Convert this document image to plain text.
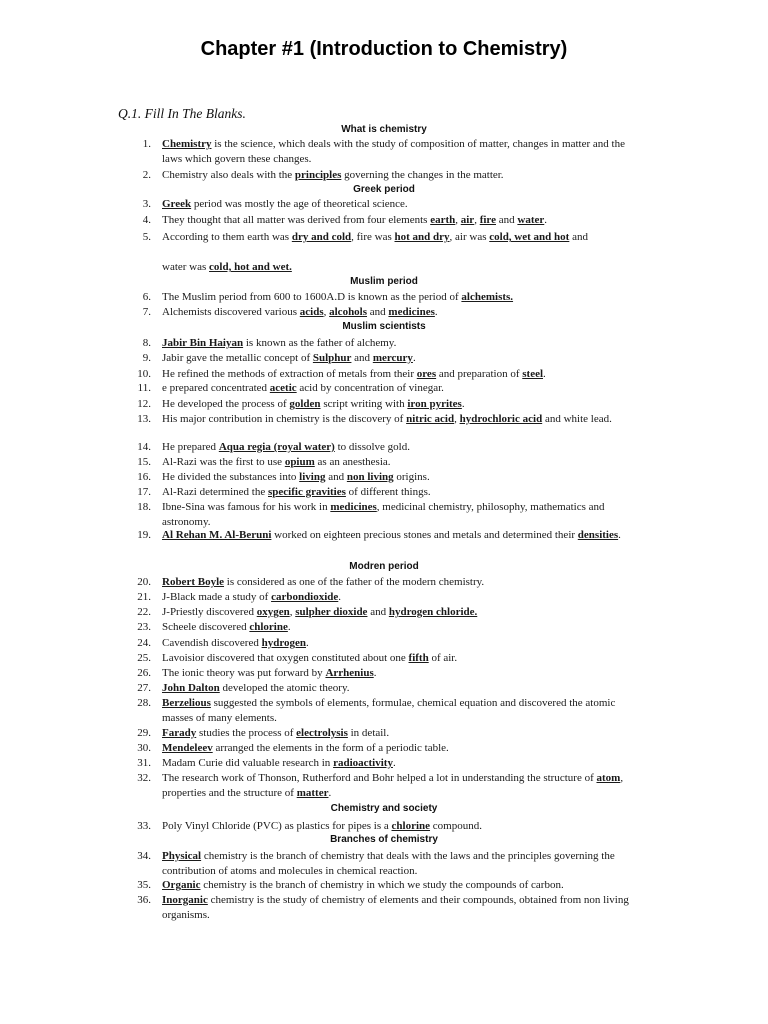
Chapter #1 (Introduction to Chemistry)
Q.1. Fill In The Blanks.
What is chemistry
1. Chemistry is the science, which deals with the study of composition of matter, changes in matter and the laws which govern these changes.
2. Chemistry also deals with the principles governing the changes in the matter.
Greek period
3. Greek period was mostly the age of theoretical science.
4. They thought that all matter was derived from four elements earth, air, fire and water.
5. According to them earth was dry and cold, fire was hot and dry, air was cold, wet and hot and
water was cold, hot and wet.
Muslim period
6. The Muslim period from 600 to 1600A.D is known as the period of alchemists.
7. Alchemists discovered various acids, alcohols and medicines.
Muslim scientists
8. Jabir Bin Haiyan is known as the father of alchemy.
9. Jabir gave the metallic concept of Sulphur and mercury.
10. He refined the methods of extraction of metals from their ores and preparation of steel.
11. e prepared concentrated acetic acid by concentration of vinegar.
12. He developed the process of golden script writing with iron pyrites.
13. His major contribution in chemistry is the discovery of nitric acid, hydrochloric acid and white lead.
14. He prepared Aqua regia (royal water) to dissolve gold.
15. Al-Razi was the first to use opium as an anesthesia.
16. He divided the substances into living and non living origins.
17. Al-Razi determined the specific gravities of different things.
18. Ibne-Sina was famous for his work in medicines, medicinal chemistry, philosophy, mathematics and astronomy.
19. Al Rehan M. Al-Beruni worked on eighteen precious stones and metals and determined their densities.
Modren period
20. Robert Boyle is considered as one of the father of the modern chemistry.
21. J-Black made a study of carbondioxide.
22. J-Priestly discovered oxygen, sulpher dioxide and hydrogen chloride.
23. Scheele discovered chlorine.
24. Cavendish discovered hydrogen.
25. Lavoisior discovered that oxygen constituted about one fifth of air.
26. The ionic theory was put forward by Arrhenius.
27. John Dalton developed the atomic theory.
28. Berzelious suggested the symbols of elements, formulae, chemical equation and discovered the atomic masses of many elements.
29. Farady studies the process of electrolysis in detail.
30. Mendeleev arranged the elements in the form of a periodic table.
31. Madam Curie did valuable research in radioactivity.
32. The research work of Thonson, Rutherford and Bohr helped a lot in understanding the structure of atom, properties and the structure of matter.
Chemistry and society
33. Poly Vinyl Chloride (PVC) as plastics for pipes is a chlorine compound.
Branches of chemistry
34. Physical chemistry is the branch of chemistry that deals with the laws and the principles governing the contribution of atoms and molecules in chemical reaction.
35. Organic chemistry is the branch of chemistry in which we study the compounds of carbon.
36. Inorganic chemistry is the study of chemistry of elements and their compounds, obtained from non living organisms.
